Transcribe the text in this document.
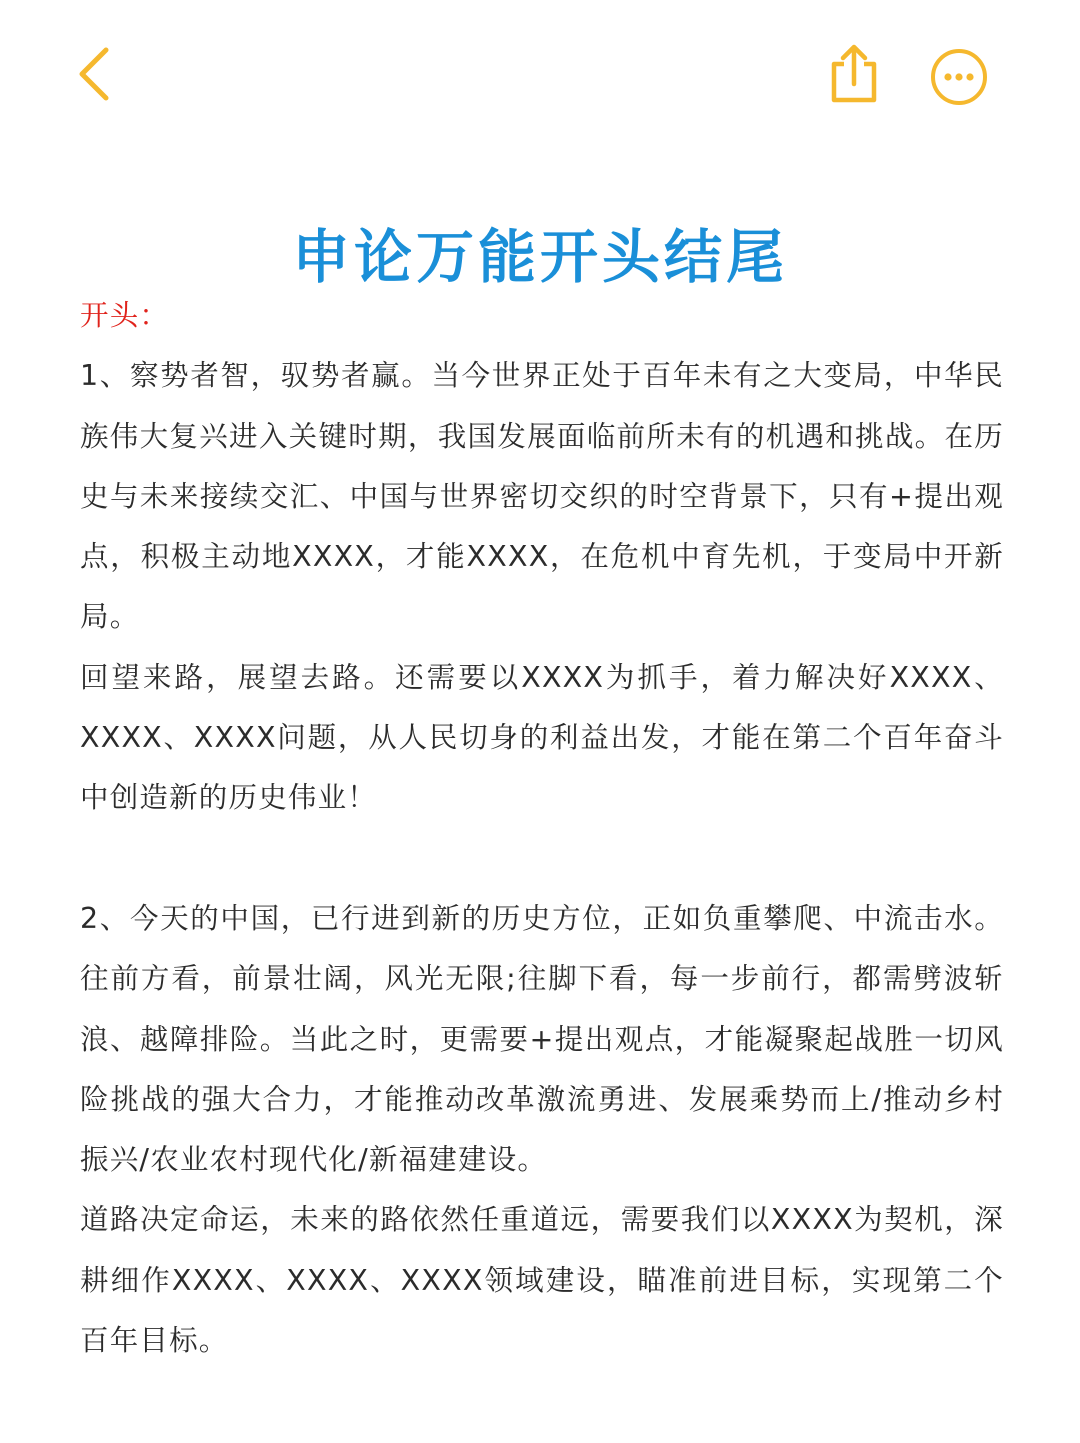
申论万能开头结尾
开头：

1、察势者智，驭势者赢。当今世界正处于百年未有之大变局，中华民族伟大复兴进入关键时期，我国发展面临前所未有的机遇和挑战。在历史与未来接续交汇、中国与世界密切交织的时空背景下，只有+提出观点，积极主动地XXXX，才能XXXX，在危机中育先机，于变局中开新局。

回望来路，展望去路。还需要以XXXX为抓手，着力解决好XXXX、XXXX、XXXX问题，从人民切身的利益出发，才能在第二个百年奋斗中创造新的历史伟业！

2、今天的中国，已行进到新的历史方位，正如负重攀爬、中流击水。往前方看，前景壮阔，风光无限;往脚下看，每一步前行，都需劈波斩浪、越障排险。当此之时，更需要+提出观点，才能凝聚起战胜一切风险挑战的强大合力，才能推动改革激流勇进、发展乘势而上/推动乡村振兴/农业农村现代化/新福建建设。

道路决定命运，未来的路依然任重道远，需要我们以XXXX为契机，深耕细作XXXX、XXXX、XXXX领域建设，瞄准前进目标，实现第二个百年目标。
